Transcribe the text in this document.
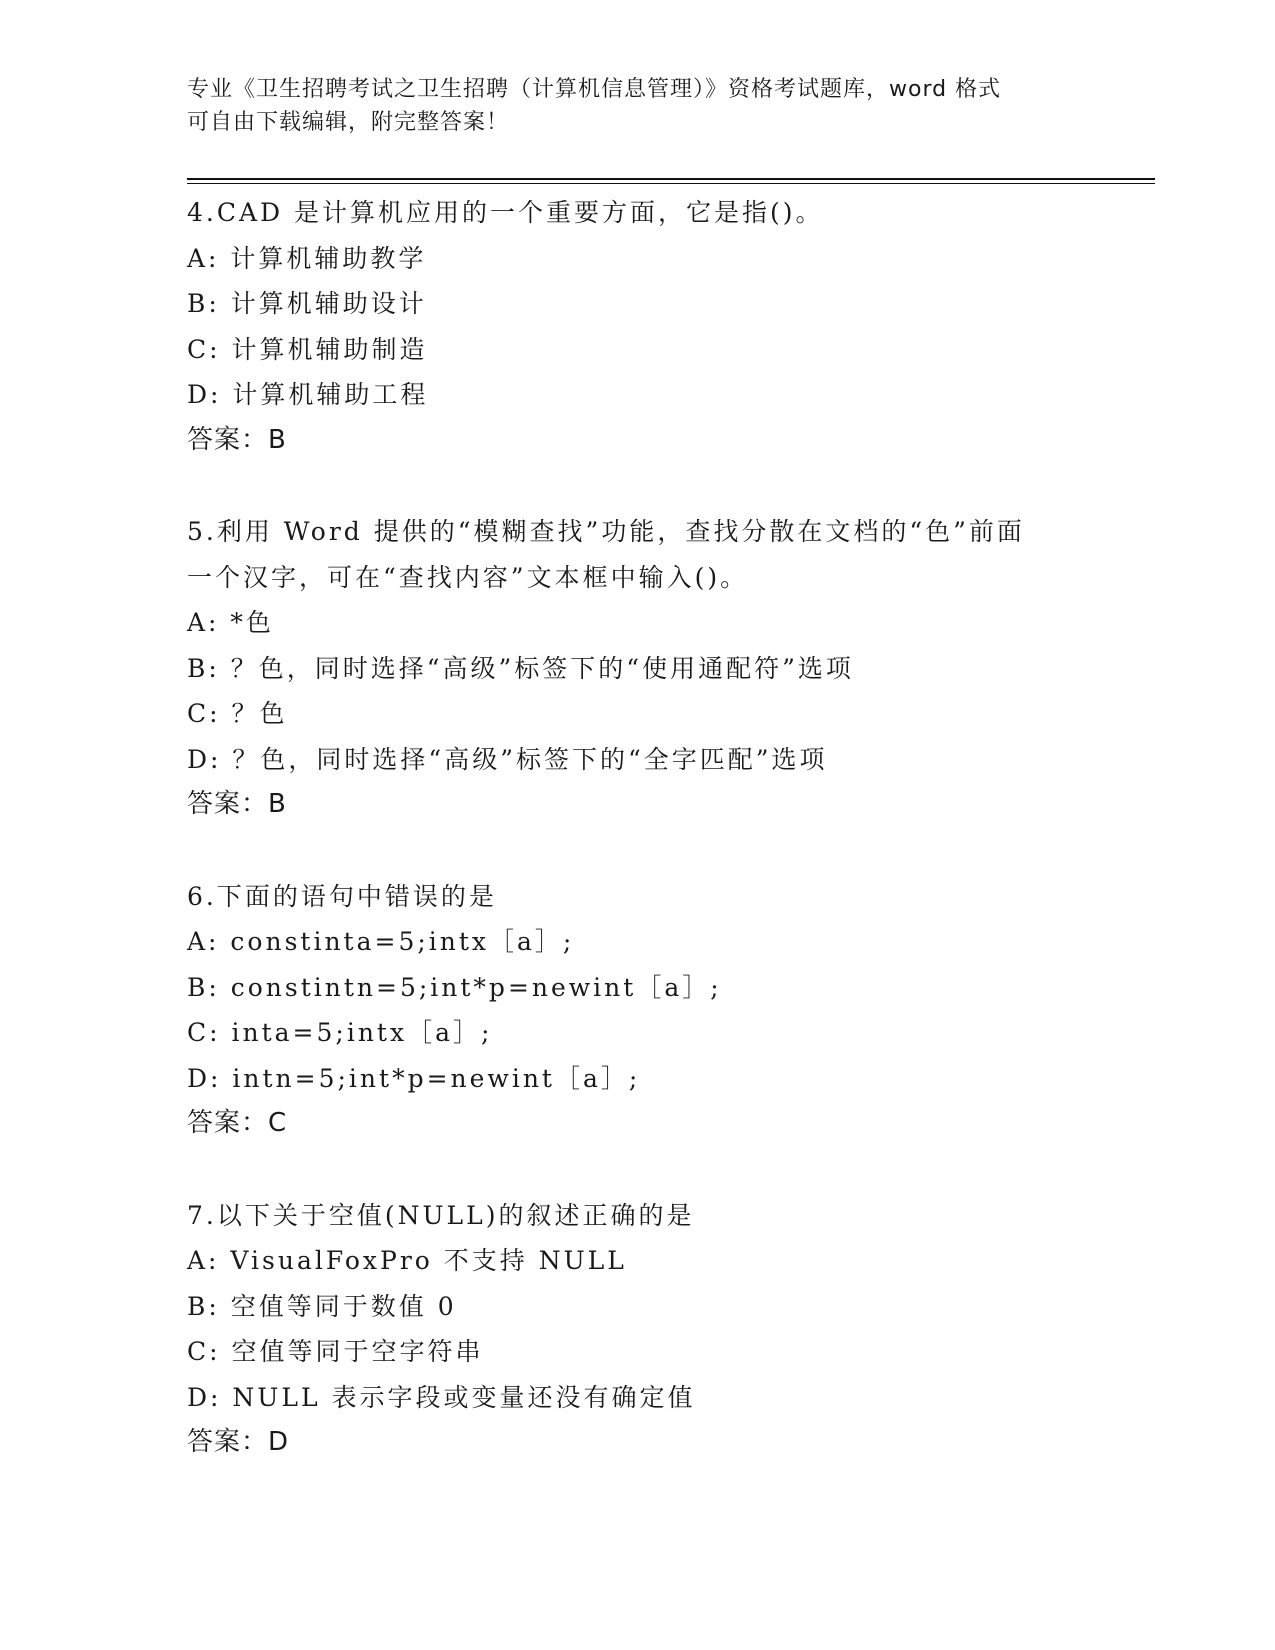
专业《卫生招聘考试之卫生招聘（计算机信息管理）》资格考试题库，word 格式
可自由下载编辑，附完整答案！
4.CAD 是计算机应用的一个重要方面，它是指()。
A: 计算机辅助教学
B: 计算机辅助设计
C: 计算机辅助制造
D: 计算机辅助工程
答案：B
5.利用 Word 提供的“模糊查找”功能，查找分散在文档的“色”前面
一个汉字，可在“查找内容”文本框中输入()。
A: *色
B: ？色，同时选择“高级”标签下的“使用通配符”选项
C: ？色
D: ？色，同时选择“高级”标签下的“全字匹配”选项
答案：B
6.下面的语句中错误的是
A: constinta=5;intx［a］;
B: constintn=5;int*p=newint［a］;
C: inta=5;intx［a］;
D: intn=5;int*p=newint［a］;
答案：C
7.以下关于空值(NULL)的叙述正确的是
A: VisualFoxPro 不支持 NULL
B: 空值等同于数值 0
C: 空值等同于空字符串
D: NULL 表示字段或变量还没有确定值
答案：D
